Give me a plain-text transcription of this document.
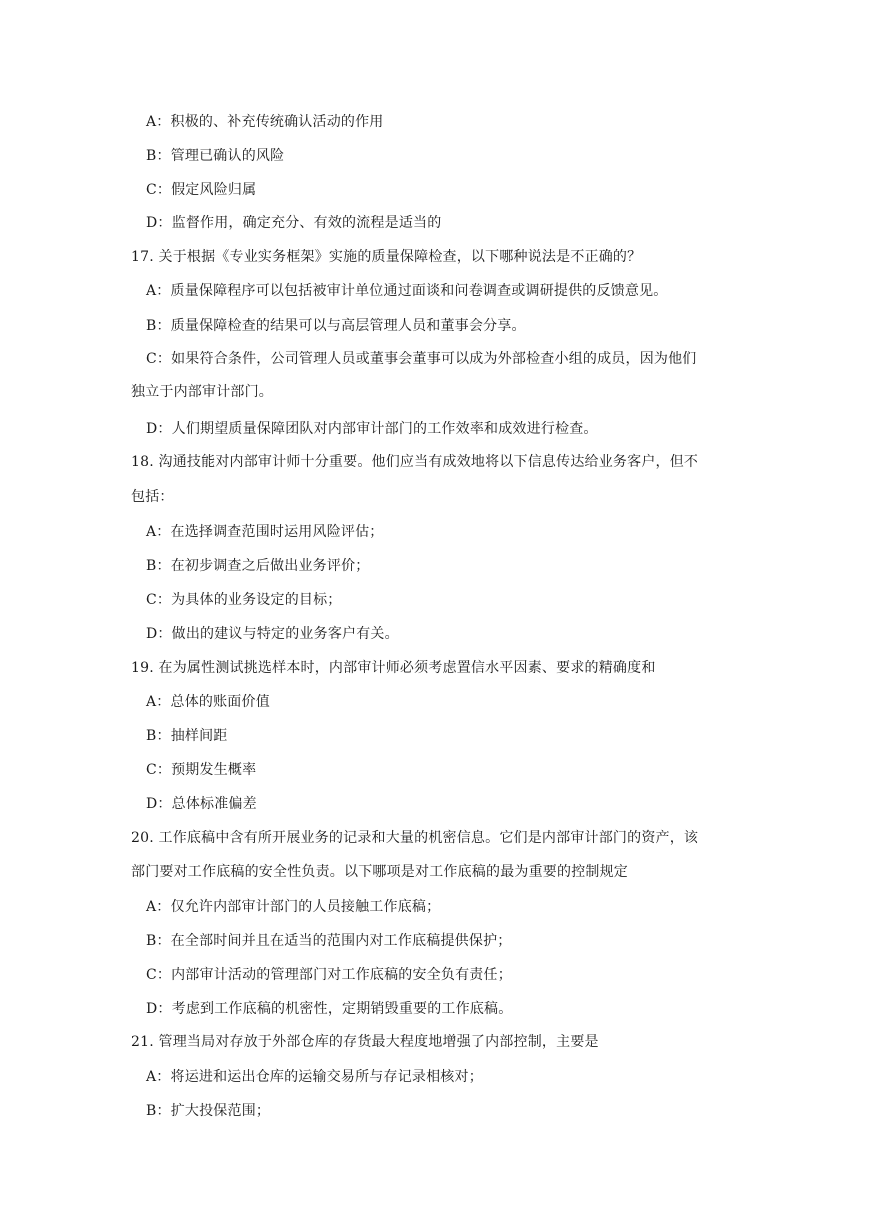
A：积极的、补充传统确认活动的作用
B：管理已确认的风险
C：假定风险归属
D：监督作用，确定充分、有效的流程是适当的
17. 关于根据《专业实务框架》实施的质量保障检查，以下哪种说法是不正确的？
A：质量保障程序可以包括被审计单位通过面谈和问卷调查或调研提供的反馈意见。
B：质量保障检查的结果可以与高层管理人员和董事会分享。
C：如果符合条件，公司管理人员或董事会董事可以成为外部检查小组的成员，因为他们
独立于内部审计部门。
D：人们期望质量保障团队对内部审计部门的工作效率和成效进行检查。
18. 沟通技能对内部审计师十分重要。他们应当有成效地将以下信息传达给业务客户，但不
包括：
A：在选择调查范围时运用风险评估；
B：在初步调查之后做出业务评价；
C：为具体的业务设定的目标；
D：做出的建议与特定的业务客户有关。
19. 在为属性测试挑选样本时，内部审计师必须考虑置信水平因素、要求的精确度和
A：总体的账面价值
B：抽样间距
C：预期发生概率
D：总体标准偏差
20. 工作底稿中含有所开展业务的记录和大量的机密信息。它们是内部审计部门的资产，该
部门要对工作底稿的安全性负责。以下哪项是对工作底稿的最为重要的控制规定
A：仅允许内部审计部门的人员接触工作底稿；
B：在全部时间并且在适当的范围内对工作底稿提供保护；
C：内部审计活动的管理部门对工作底稿的安全负有责任；
D：考虑到工作底稿的机密性，定期销毁重要的工作底稿。
21. 管理当局对存放于外部仓库的存货最大程度地增强了内部控制，主要是
A：将运进和运出仓库的运输交易所与存记录相核对；
B：扩大投保范围；
